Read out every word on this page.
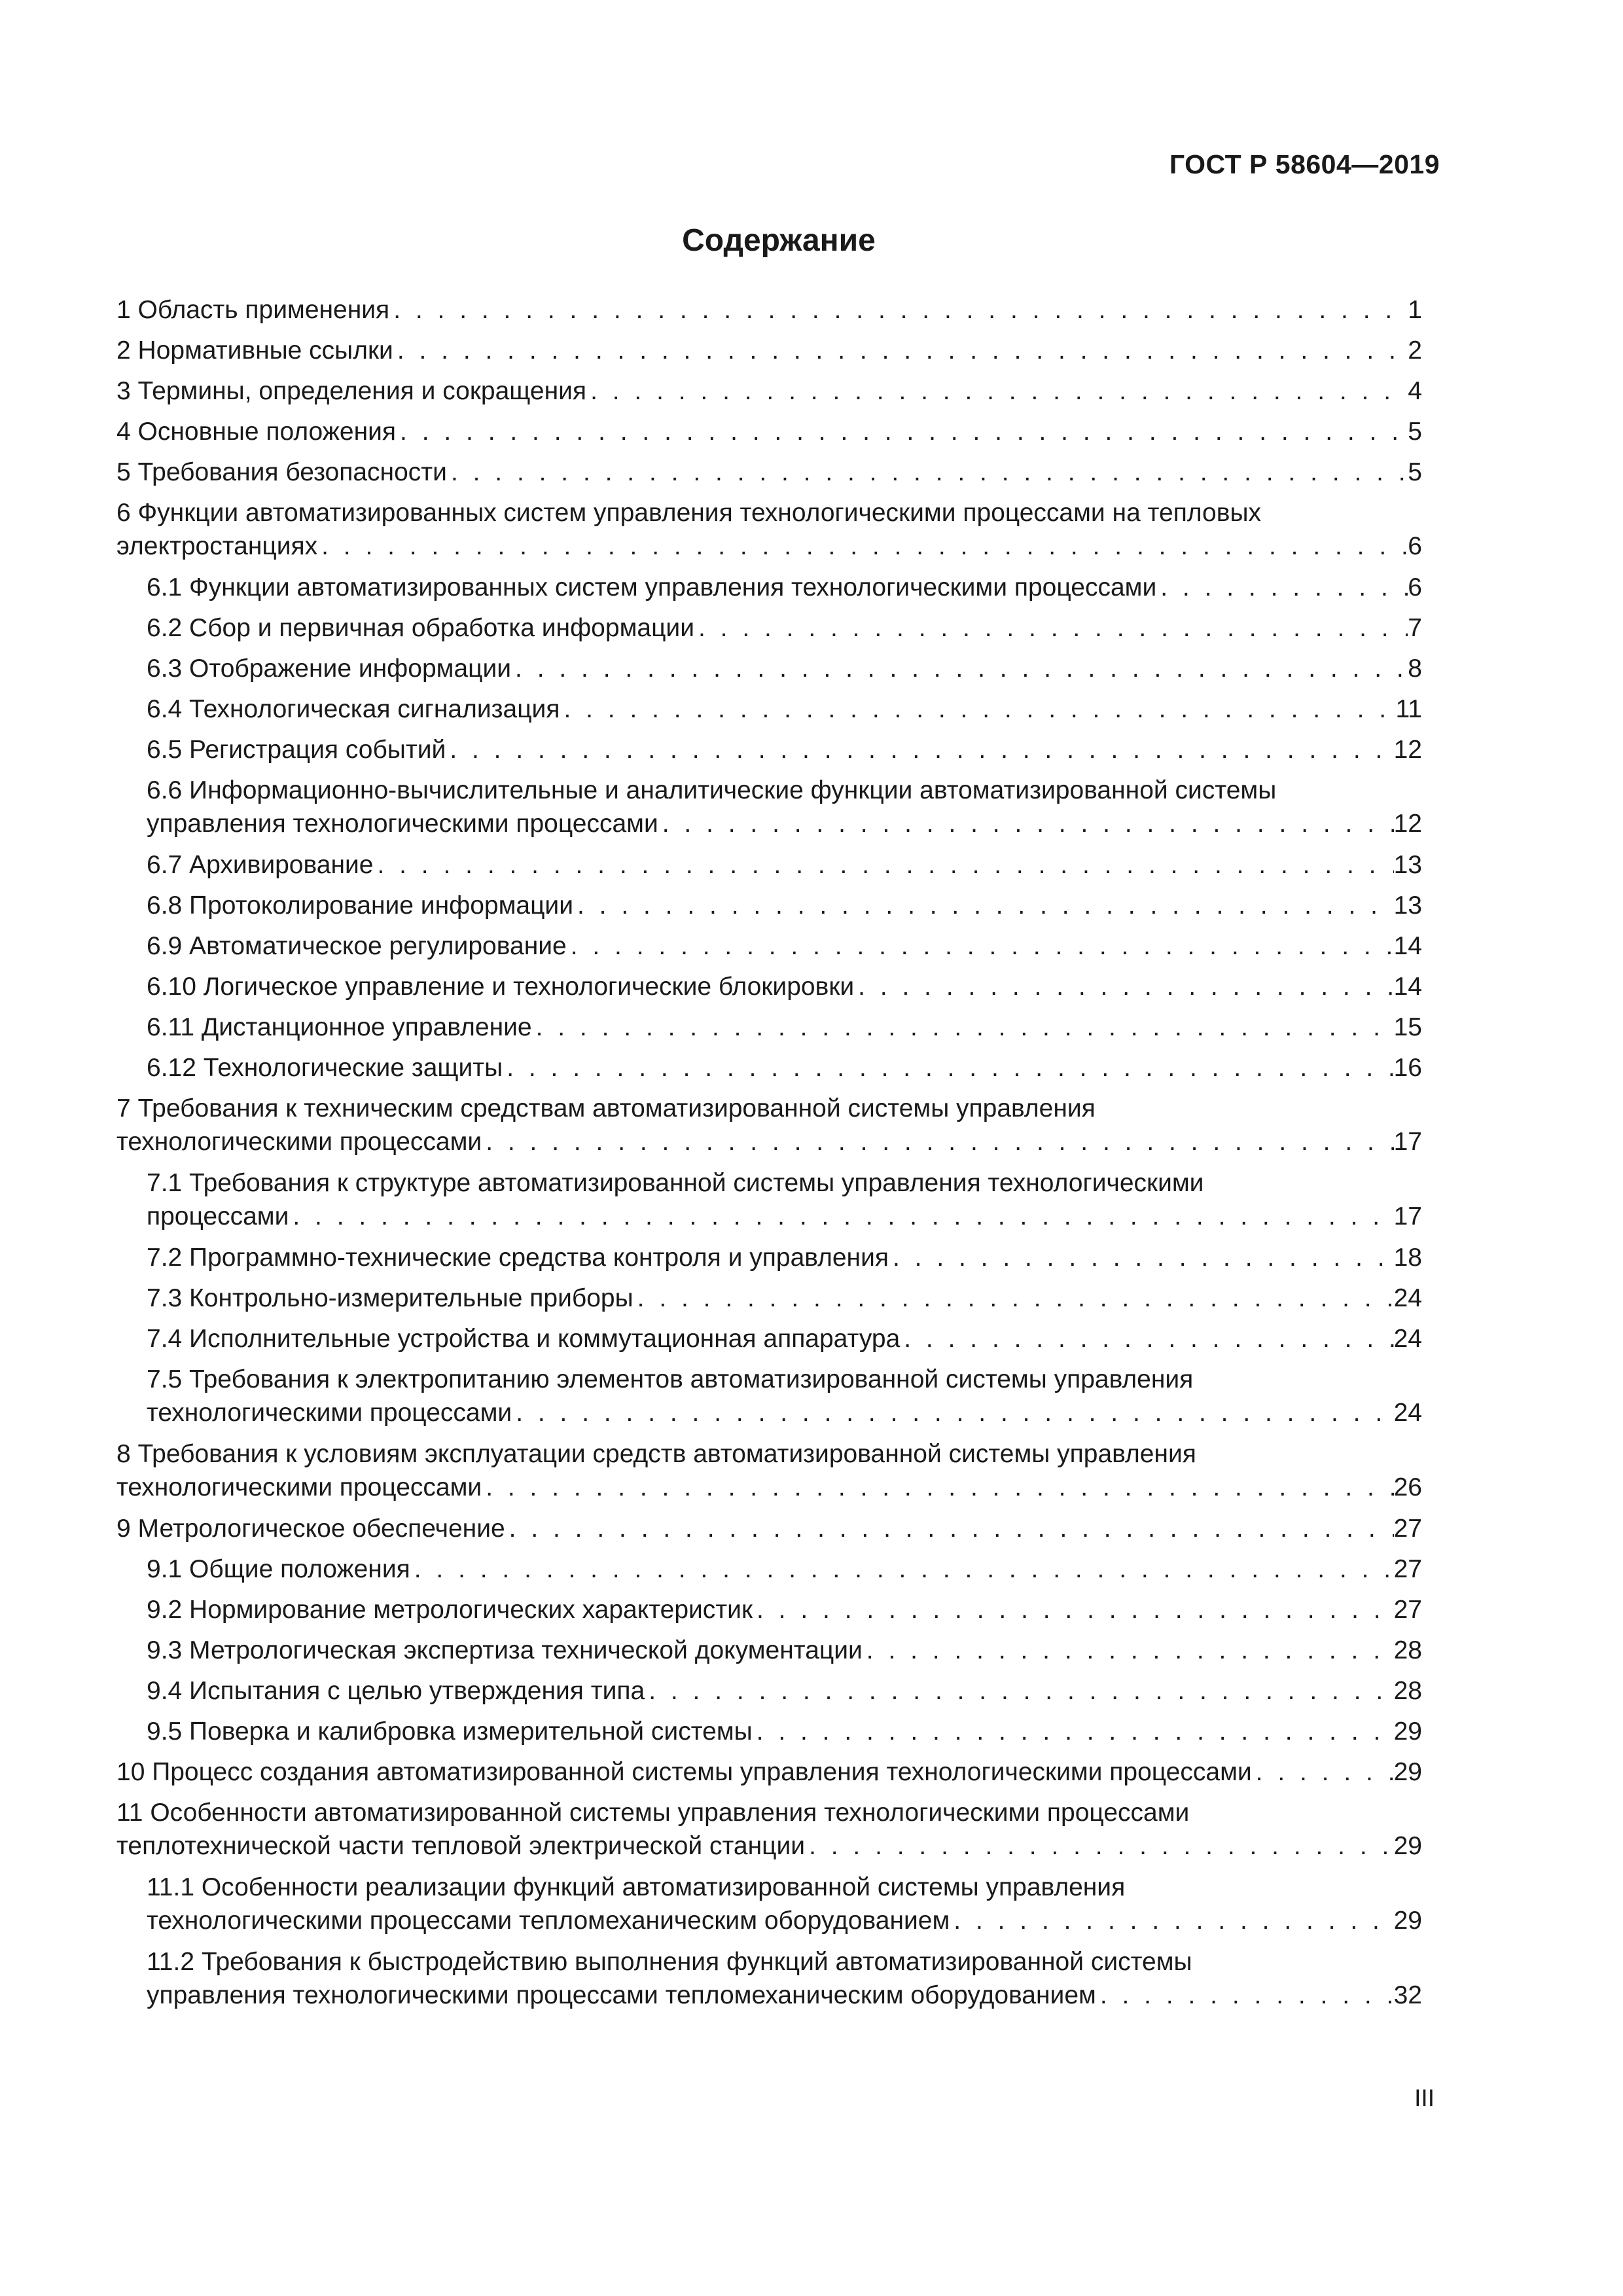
ГОСТ Р 58604—2019
Содержание
1 Область применения . . .	1
2 Нормативные ссылки . . .	2
3 Термины, определения и сокращения . . .	4
4 Основные положения . . .	5
5 Требования безопасности . . .	5
6 Функции автоматизированных систем управления технологическими процессами на тепловых
электростанциях . . .	6
6.1 Функции автоматизированных систем управления технологическими процессами . . .	6
6.2 Сбор и первичная обработка информации . . .	7
6.3 Отображение информации . . .	8
6.4 Технологическая сигнализация . . .	11
6.5 Регистрация событий . . .	12
6.6 Информационно-вычислительные и аналитические функции автоматизированной системы
управления технологическими процессами . . .	12
6.7 Архивирование . . .	13
6.8 Протоколирование информации . . .	13
6.9 Автоматическое регулирование . . .	14
6.10 Логическое управление и технологические блокировки . . .	14
6.11 Дистанционное управление . . .	15
6.12 Технологические защиты . . .	16
7 Требования к техническим средствам автоматизированной системы управления
технологическими процессами . . .	17
7.1 Требования к структуре автоматизированной системы управления технологическими
процессами . . .	17
7.2 Программно-технические средства контроля и управления . . .	18
7.3 Контрольно-измерительные приборы . . .	24
7.4 Исполнительные устройства и коммутационная аппаратура . . .	24
7.5 Требования к электропитанию элементов автоматизированной системы управления
технологическими процессами . . .	24
8 Требования к условиям эксплуатации средств автоматизированной системы управления
технологическими процессами . . .	26
9 Метрологическое обеспечение . . .	27
9.1 Общие положения . . .	27
9.2 Нормирование метрологических характеристик . . .	27
9.3 Метрологическая экспертиза технической документации . . .	28
9.4 Испытания с целью утверждения типа . . .	28
9.5 Поверка и калибровка измерительной системы . . .	29
10 Процесс создания автоматизированной системы управления технологическими процессами . . .	29
11 Особенности автоматизированной системы управления технологическими процессами
теплотехнической части тепловой электрической станции . . .	29
11.1 Особенности реализации функций автоматизированной системы управления
технологическими процессами тепломеханическим оборудованием . . .	29
11.2 Требования к быстродействию выполнения функций автоматизированной системы
управления технологическими процессами тепломеханическим оборудованием . . .	32
III
